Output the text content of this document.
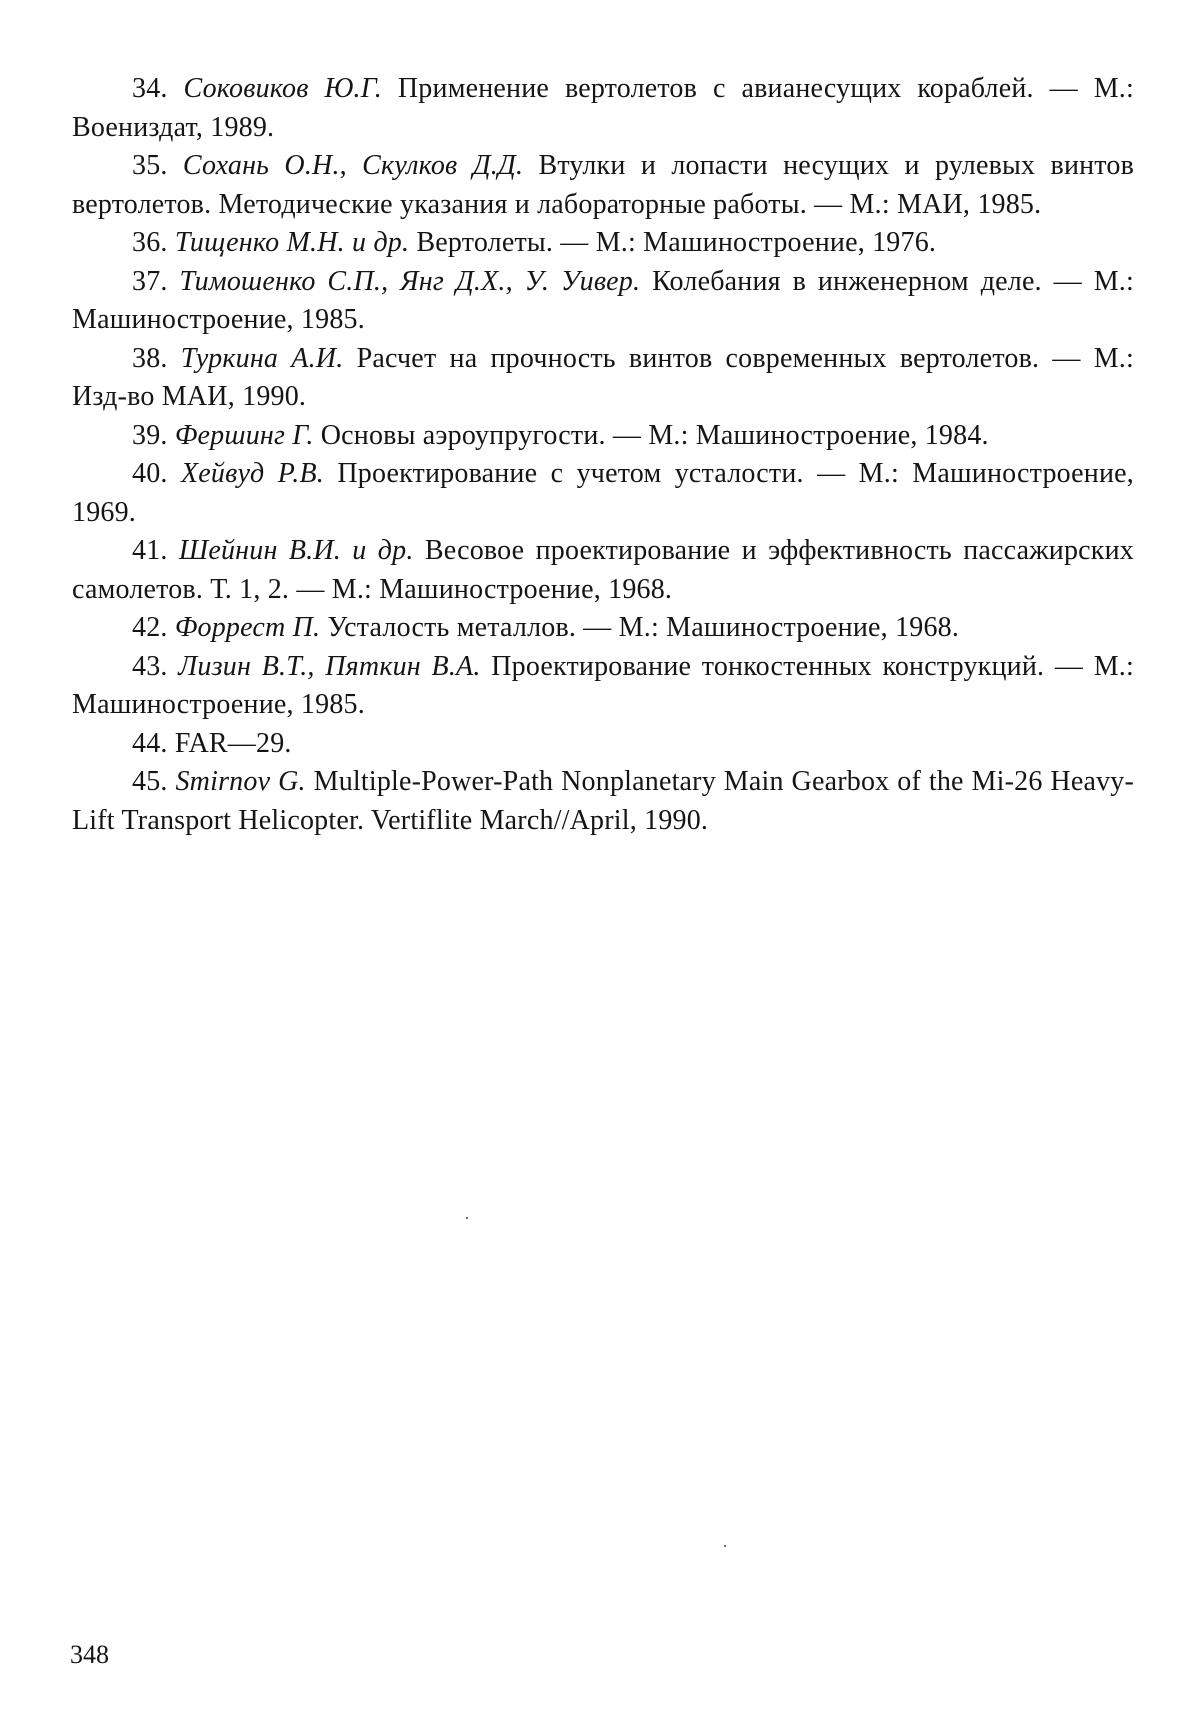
34. Соковиков Ю.Г. Применение вертолетов с авианесущих кораблей. — М.: Воениздат, 1989.
35. Сохань О.Н., Скулков Д.Д. Втулки и лопасти несущих и рулевых винтов вертолетов. Методические указания и лабораторные работы. — М.: МАИ, 1985.
36. Тищенко М.Н. и др. Вертолеты. — М.: Машиностроение, 1976.
37. Тимошенко С.П., Янг Д.Х., У. Уивер. Колебания в инженерном деле. — М.: Машиностроение, 1985.
38. Туркина А.И. Расчет на прочность винтов современных вертолетов. — М.: Изд-во МАИ, 1990.
39. Фершинг Г. Основы аэроупругости. — М.: Машиностроение, 1984.
40. Хейвуд Р.В. Проектирование с учетом усталости. — М.: Машиностроение, 1969.
41. Шейнин В.И. и др. Весовое проектирование и эффективность пассажирских самолетов. Т. 1, 2. — М.: Машиностроение, 1968.
42. Форрест П. Усталость металлов. — М.: Машиностроение, 1968.
43. Лизин В.Т., Пяткин В.А. Проектирование тонкостенных конструкций. — М.: Машиностроение, 1985.
44. FAR—29.
45. Smirnov G. Multiple-Power-Path Nonplanetary Main Gearbox of the Mi-26 Heavy-Lift Transport Helicopter. Vertiflite March//April, 1990.
348
